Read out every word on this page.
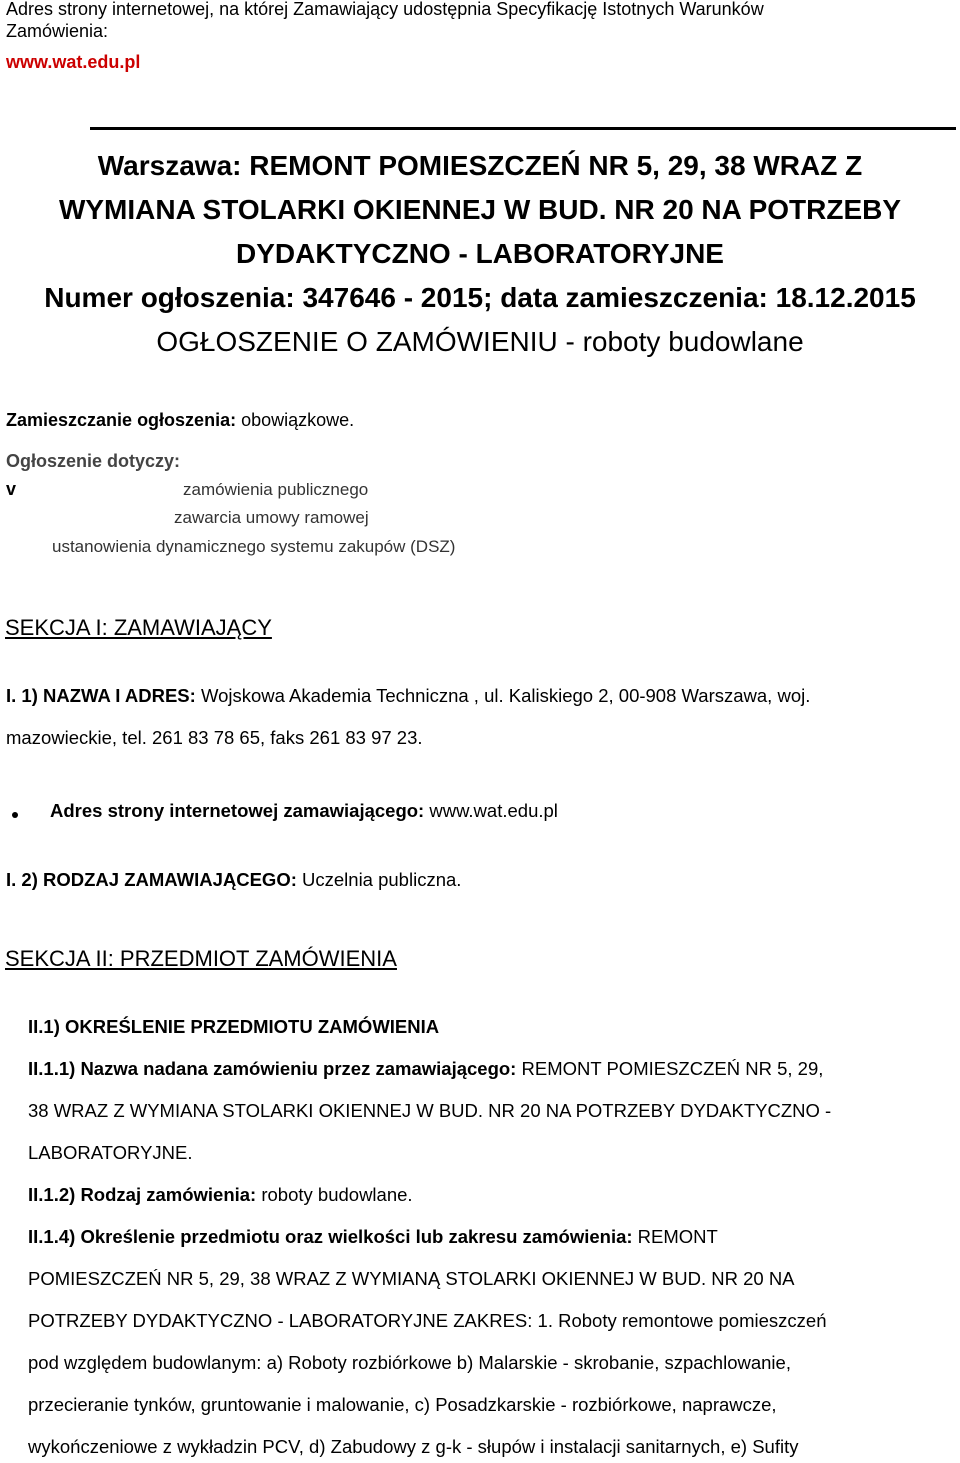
Adres strony internetowej, na której Zamawiający udostępnia Specyfikację Istotnych Warunków
Zamówienia:
www.wat.edu.pl
Warszawa: REMONT POMIESZCZEŃ NR 5, 29, 38 WRAZ Z
WYMIANA STOLARKI OKIENNEJ W BUD. NR 20 NA POTRZEBY
DYDAKTYCZNO - LABORATORYJNE
Numer ogłoszenia: 347646 - 2015; data zamieszczenia: 18.12.2015
OGŁOSZENIE O ZAMÓWIENIU - roboty budowlane
Zamieszczanie ogłoszenia: obowiązkowe.
Ogłoszenie dotyczy:
v	zamówienia publicznego
zawarcia umowy ramowej
ustanowienia dynamicznego systemu zakupów (DSZ)
SEKCJA I: ZAMAWIAJĄCY
I. 1) NAZWA I ADRES: Wojskowa Akademia Techniczna , ul. Kaliskiego 2, 00-908 Warszawa, woj.
mazowieckie, tel. 261 83 78 65, faks 261 83 97 23.
Adres strony internetowej zamawiającego: www.wat.edu.pl
I. 2) RODZAJ ZAMAWIAJĄCEGO: Uczelnia publiczna.
SEKCJA II: PRZEDMIOT ZAMÓWIENIA
II.1) OKREŚLENIE PRZEDMIOTU ZAMÓWIENIA
II.1.1) Nazwa nadana zamówieniu przez zamawiającego: REMONT POMIESZCZEŃ NR 5, 29,
38 WRAZ Z WYMIANA STOLARKI OKIENNEJ W BUD. NR 20 NA POTRZEBY DYDAKTYCZNO -
LABORATORYJNE.
II.1.2) Rodzaj zamówienia: roboty budowlane.
II.1.4) Określenie przedmiotu oraz wielkości lub zakresu zamówienia: REMONT
POMIESZCZEŃ NR 5, 29, 38 WRAZ Z WYMIANĄ STOLARKI OKIENNEJ W BUD. NR 20 NA
POTRZEBY DYDAKTYCZNO - LABORATORYJNE ZAKRES: 1. Roboty remontowe pomieszczeń
pod względem budowlanym: a) Roboty rozbiórkowe b) Malarskie - skrobanie, szpachlowanie,
przecieranie tynków, gruntowanie i malowanie, c) Posadzkarskie - rozbiórkowe, naprawcze,
wykończeniowe z wykładzin PCV, d) Zabudowy z g-k - słupów i instalacji sanitarnych, e) Sufity
